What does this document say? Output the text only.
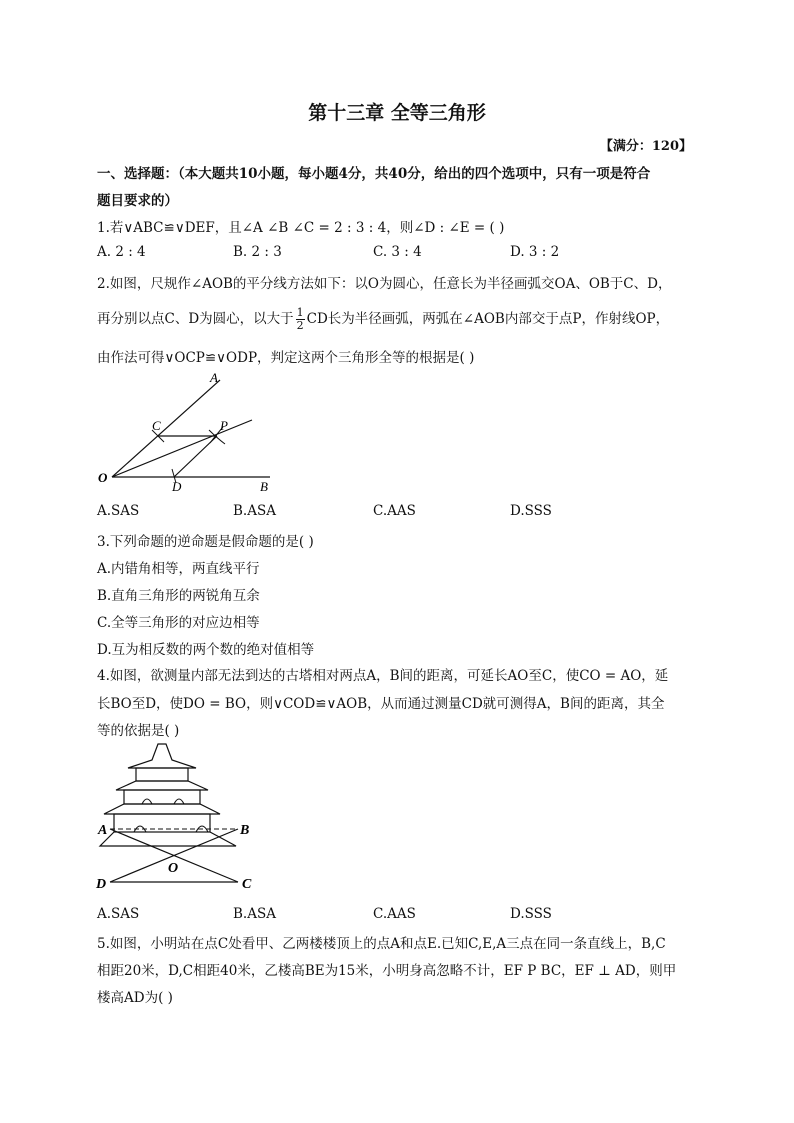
第十三章 全等三角形
【满分：120】
一、选择题：（本大题共10小题，每小题4分，共40分，给出的四个选项中，只有一项是符合
题目要求的）
1.若∨ABC≌∨DEF，且∠A ∠B ∠C = 2 : 3 : 4，则∠D : ∠E = ( )
A. 2 : 4	B. 2 : 3	C. 3 : 4	D. 3 : 2
2.如图，尺规作∠AOB的平分线方法如下：以O为圆心，任意长为半径画弧交OA、OB于C、D，
再分别以点C、D为圆心，以大于 $\frac{1}{2}$ CD长为半径画弧，两弧在∠AOB内部交于点P，作射线OP，
由作法可得∨OCP≌∨ODP，判定这两个三角形全等的根据是( )
A
C	P
O
D	B
A.SAS	B.ASA	C.AAS	D.SSS
3.下列命题的逆命题是假命题的是( )
A.内错角相等，两直线平行
B.直角三角形的两锐角互余
C.全等三角形的对应边相等
D.互为相反数的两个数的绝对值相等
4.如图，欲测量内部无法到达的古塔相对两点A，B间的距离，可延长AO至C，使CO = AO，延
长BO至D，使DO = BO，则∨COD≌∨AOB，从而通过测量CD就可测得A，B间的距离，其全
等的依据是( )
A	B
O
D	C
A.SAS	B.ASA	C.AAS	D.SSS
5.如图，小明站在点C处看甲、乙两楼楼顶上的点A和点E.已知C,E,A三点在同一条直线上，B,C
相距20米，D,C相距40米，乙楼高BE为15米，小明身高忽略不计，EF P BC，EF ⊥ AD，则甲
楼高AD为( )
